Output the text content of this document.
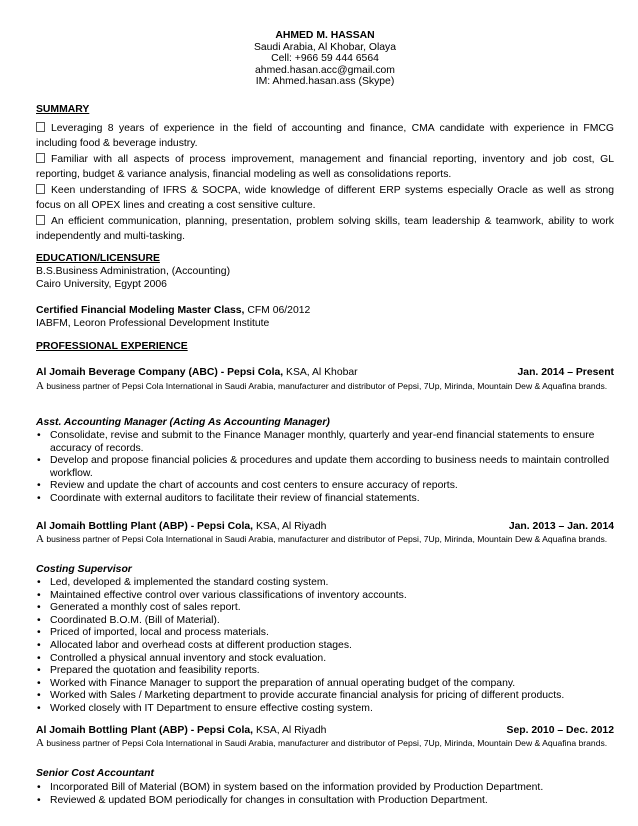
AHMED M. HASSAN
Saudi Arabia, Al Khobar, Olaya
Cell: +966 59 444 6564
ahmed.hasan.acc@gmail.com
IM: Ahmed.hasan.ass (Skype)
SUMMARY
Leveraging 8 years of experience in the field of accounting and finance, CMA candidate with experience in FMCG including food & beverage industry.
Familiar with all aspects of process improvement, management and financial reporting, inventory and job cost, GL reporting, budget & variance analysis, financial modeling as well as consolidations reports.
Keen understanding of IFRS & SOCPA, wide knowledge of different ERP systems especially Oracle as well as strong focus on all OPEX lines and creating a cost sensitive culture.
An efficient communication, planning, presentation, problem solving skills, team leadership & teamwork, ability to work independently and multi-tasking.
EDUCATION/LICENSURE
B.S.Business Administration, (Accounting)
Cairo University, Egypt 2006
Certified Financial Modeling Master Class, CFM 06/2012
IABFM, Leoron Professional Development Institute
PROFESSIONAL EXPERIENCE
Al Jomaih Beverage Company (ABC) - Pepsi Cola, KSA, Al Khobar	Jan. 2014 – Present
A business partner of Pepsi Cola International in Saudi Arabia, manufacturer and distributor of Pepsi, 7Up, Mirinda, Mountain Dew & Aquafina brands.
Asst. Accounting Manager (Acting As Accounting Manager)
• Consolidate, revise and submit to the Finance Manager monthly, quarterly and year-end financial statements to ensure accuracy of records.
• Develop and propose financial policies & procedures and update them according to business needs to maintain controlled workflow.
• Review and update the chart of accounts and cost centers to ensure accuracy of reports.
• Coordinate with external auditors to facilitate their review of financial statements.
Al Jomaih Bottling Plant (ABP) - Pepsi Cola, KSA, Al Riyadh	Jan. 2013 – Jan. 2014
A business partner of Pepsi Cola International in Saudi Arabia, manufacturer and distributor of Pepsi, 7Up, Mirinda, Mountain Dew & Aquafina brands.
Costing Supervisor
• Led, developed & implemented the standard costing system.
• Maintained effective control over various classifications of inventory accounts.
• Generated a monthly cost of sales report.
• Coordinated B.O.M. (Bill of Material).
• Priced of imported, local and process materials.
• Allocated labor and overhead costs at different production stages.
• Controlled a physical annual inventory and stock evaluation.
• Prepared the quotation and feasibility reports.
• Worked with Finance Manager to support the preparation of annual operating budget of the company.
• Worked with Sales / Marketing department to provide accurate financial analysis for pricing of different products.
• Worked closely with IT Department to ensure effective costing system.
Al Jomaih Bottling Plant (ABP) - Pepsi Cola, KSA, Al Riyadh	Sep. 2010 – Dec. 2012
A business partner of Pepsi Cola International in Saudi Arabia, manufacturer and distributor of Pepsi, 7Up, Mirinda, Mountain Dew & Aquafina brands.
Senior Cost Accountant
• Incorporated Bill of Material (BOM) in system based on the information provided by Production Department.
• Reviewed & updated BOM periodically for changes in consultation with Production Department.
